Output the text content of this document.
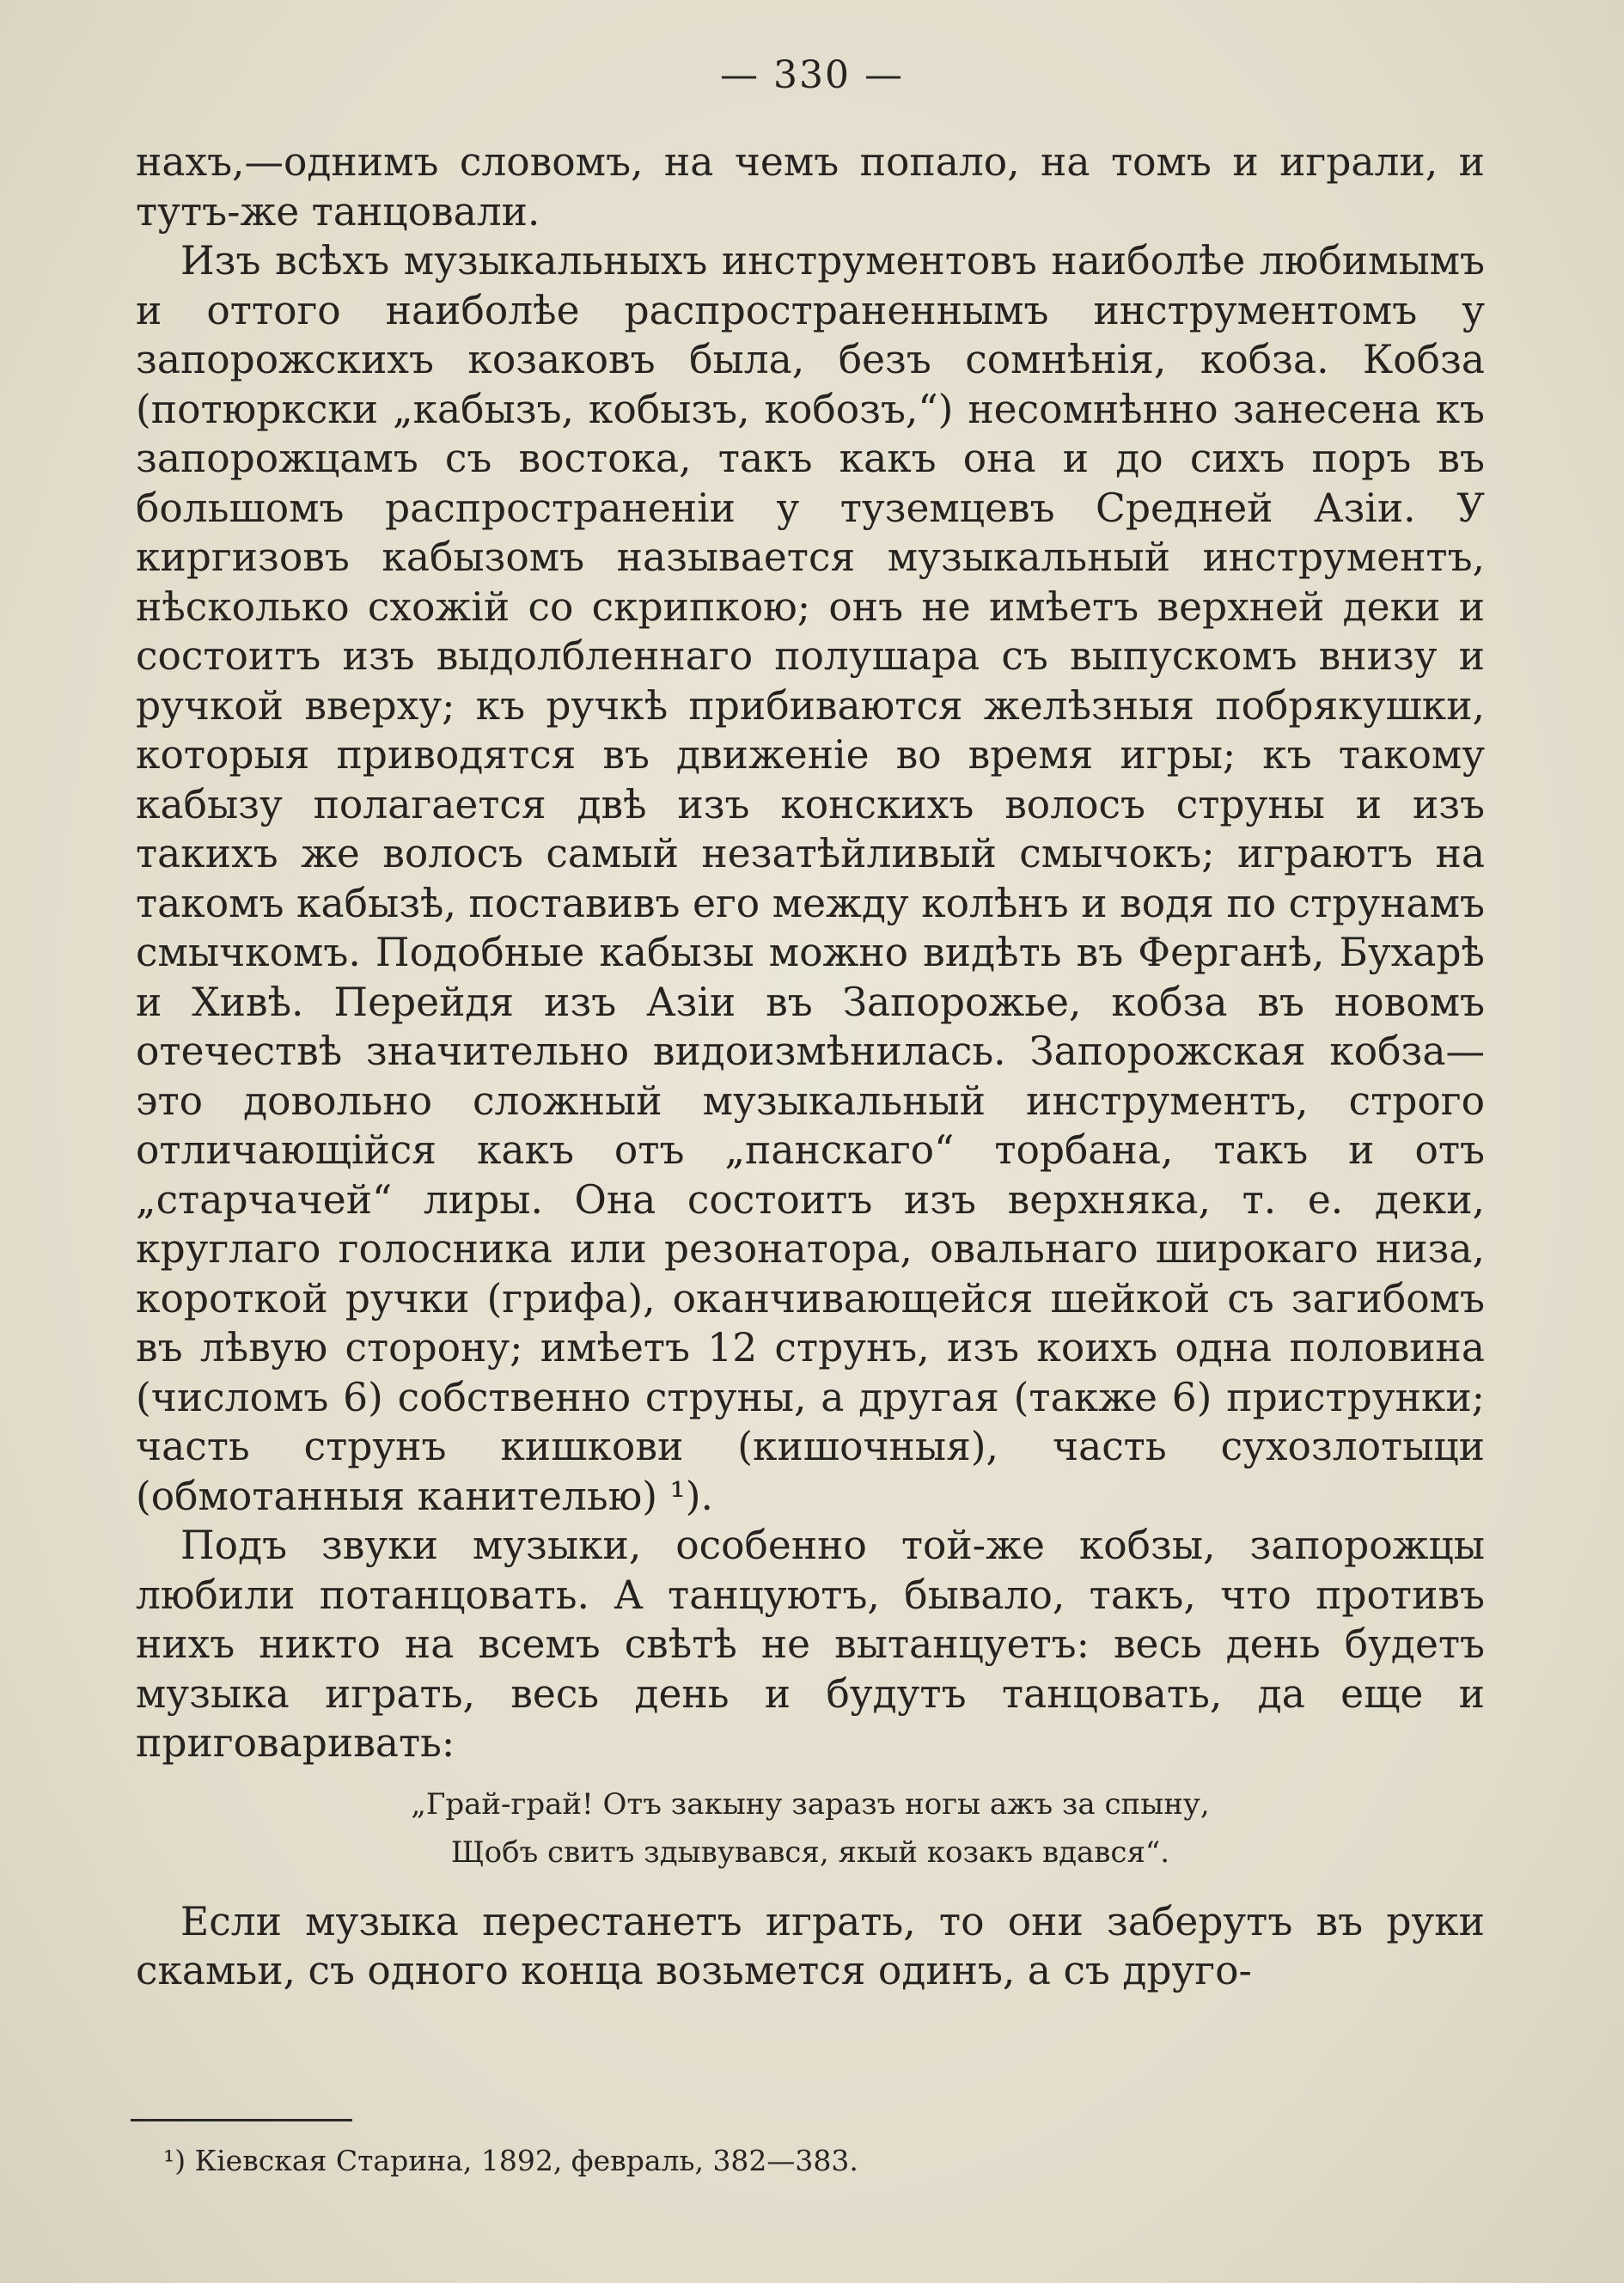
— 330 —

нахъ,—однимъ словомъ, на чемъ попало, на томъ и играли, и тутъ-же танцовали.

Изъ всѣхъ музыкальныхъ инструментовъ наиболѣе любимымъ и оттого наиболѣе распространеннымъ инструментомъ у запорожскихъ козаковъ была, безъ сомнѣнія, кобза. Кобза (потюркски „кабызъ, кобызъ, кобозъ,“) несомнѣнно занесена къ запорожцамъ съ востока, такъ какъ она и до сихъ поръ въ большомъ распространеніи у туземцевъ Средней Азіи. У киргизовъ кабызомъ называется музыкальный инструментъ, нѣсколько схожій со скрипкою; онъ не имѣетъ верхней деки и состоитъ изъ выдолбленнаго полушара съ выпускомъ внизу и ручкой вверху; къ ручкѣ прибиваются желѣзныя побрякушки, которыя приводятся въ движеніе во время игры; къ такому кабызу полагается двѣ изъ конскихъ волосъ струны и изъ такихъ же волосъ самый незатѣйливый смычокъ; играютъ на такомъ кабызѣ, поставивъ его между колѣнъ и водя по струнамъ смычкомъ. Подобные кабызы можно видѣть въ Ферганѣ, Бухарѣ и Хивѣ. Перейдя изъ Азіи въ Запорожье, кобза въ новомъ отечествѣ значительно видоизмѣнилась. Запорожская кобза—это довольно сложный музыкальный инструментъ, строго отличающійся какъ отъ „панскаго“ торбана, такъ и отъ „старчачей“ лиры. Она состоитъ изъ верхняка, т. е. деки, круглаго голосника или резонатора, овальнаго широкаго низа, короткой ручки (грифа), оканчивающейся шейкой съ загибомъ въ лѣвую сторону; имѣетъ 12 струнъ, изъ коихъ одна половина (числомъ 6) собственно струны, а другая (также 6) приструнки; часть струнъ кишкови (кишочныя), часть сухозлотыци (обмотанныя канителью) ¹).

Подъ звуки музыки, особенно той-же кобзы, запорожцы любили потанцовать. А танцуютъ, бывало, такъ, что противъ нихъ никто на всемъ свѣтѣ не вытанцуетъ: весь день будетъ музыка играть, весь день и будутъ танцовать, да еще и приговаривать:

„Грай-грай! Отъ закыну заразъ ногы ажъ за спыну,
Щобъ свитъ здывувався, якый козакъ вдався“.

Если музыка перестанетъ играть, то они заберутъ въ руки скамьи, съ одного конца возьмется одинъ, а съ друго-

¹) Кіевская Старина, 1892, февраль, 382—383.
